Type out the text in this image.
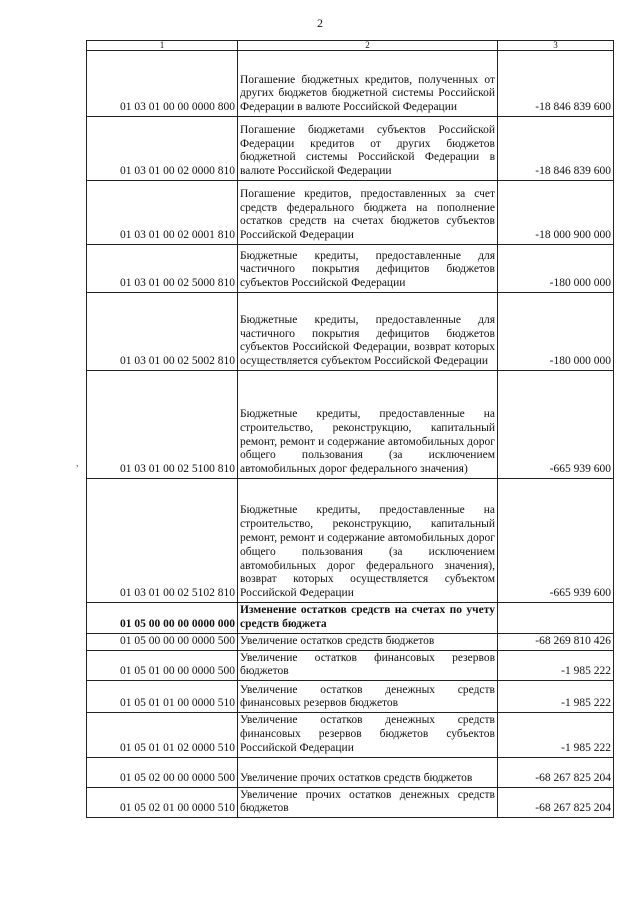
2
,
1	2	3
01 03 01 00 00 0000 800	Погашение бюджетных кредитов, полученных от других бюджетов бюджетной системы Российской Федерации в валюте Российской Федерации	-18 846 839 600
01 03 01 00 02 0000 810	Погашение бюджетами субъектов Российской Федерации кредитов от других бюджетов бюджетной системы Российской Федерации в валюте Российской Федерации	-18 846 839 600
01 03 01 00 02 0001 810	Погашение кредитов, предоставленных за счет средств федерального бюджета на пополнение остатков средств на счетах бюджетов субъектов Российской Федерации	-18 000 900 000
01 03 01 00 02 5000 810	Бюджетные кредиты, предоставленные для частичного покрытия дефицитов бюджетов субъектов Российской Федерации	-180 000 000
01 03 01 00 02 5002 810	Бюджетные кредиты, предоставленные для частичного покрытия дефицитов бюджетов субъектов Российской Федерации, возврат которых осуществляется субъектом Российской Федерации	-180 000 000
01 03 01 00 02 5100 810	Бюджетные кредиты, предоставленные на строительство, реконструкцию, капитальный ремонт, ремонт и содержание автомобильных дорог общего пользования (за исключением автомобильных дорог федерального значения)	-665 939 600
01 03 01 00 02 5102 810	Бюджетные кредиты, предоставленные на строительство, реконструкцию, капитальный ремонт, ремонт и содержание автомобильных дорог общего пользования (за исключением автомобильных дорог федерального значения), возврат которых осуществляется субъектом Российской Федерации	-665 939 600
01 05 00 00 00 0000 000	Изменение остатков средств на счетах по учету средств бюджета	
01 05 00 00 00 0000 500	Увеличение остатков средств бюджетов	-68 269 810 426
01 05 01 00 00 0000 500	Увеличение остатков финансовых резервов бюджетов	-1 985 222
01 05 01 01 00 0000 510	Увеличение остатков денежных средств финансовых резервов бюджетов	-1 985 222
01 05 01 01 02 0000 510	Увеличение остатков денежных средств финансовых резервов бюджетов субъектов Российской Федерации	-1 985 222
01 05 02 00 00 0000 500	Увеличение прочих остатков средств бюджетов	-68 267 825 204
01 05 02 01 00 0000 510	Увеличение прочих остатков денежных средств бюджетов	-68 267 825 204
